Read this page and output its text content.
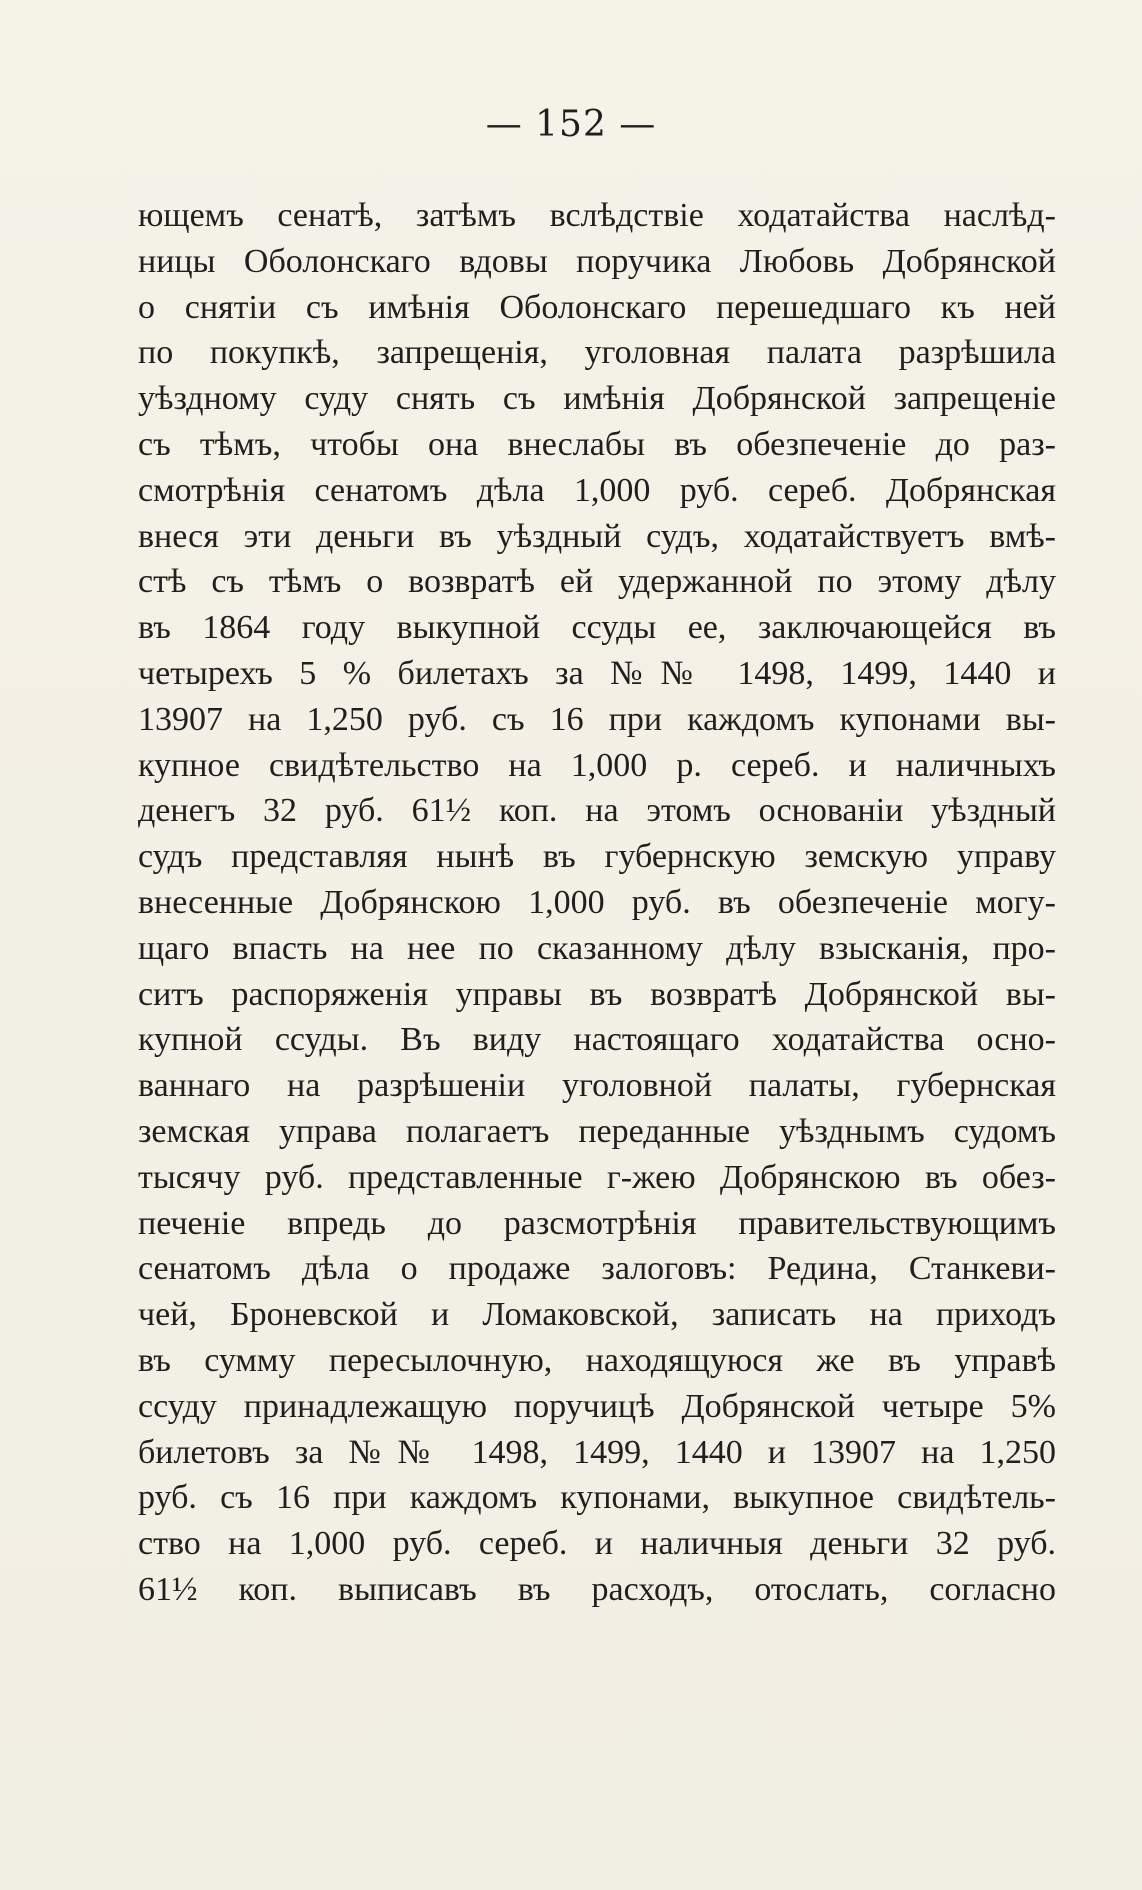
— 152 —
ющемъ сенатѣ, затѣмъ вслѣдствіе ходатайства наслѣд-
ницы Оболонскаго вдовы поручика Любовь Добрянской
о снятіи съ имѣнія Оболонскаго перешедшаго къ ней
по покупкѣ, запрещенія, уголовная палата разрѣшила
уѣздному суду снять съ имѣнія Добрянской запрещеніе
съ тѣмъ, чтобы она внеслабы въ обезпеченіе до раз-
смотрѣнія сенатомъ дѣла 1,000 руб. сереб. Добрянская
внеся эти деньги въ уѣздный судъ, ходатайствуетъ вмѣ-
стѣ съ тѣмъ о возвратѣ ей удержанной по этому дѣлу
въ 1864 году выкупной ссуды ее, заключающейся въ
четырехъ 5 % билетахъ за №№ 1498, 1499, 1440 и
13907 на 1,250 руб. съ 16 при каждомъ купонами вы-
купное свидѣтельство на 1,000 р. сереб. и наличныхъ
денегъ 32 руб. 61½ коп. на этомъ основаніи уѣздный
судъ представляя нынѣ въ губернскую земскую управу
внесенные Добрянскою 1,000 руб. въ обезпеченіе могу-
щаго впасть на нее по сказанному дѣлу взысканія, про-
ситъ распоряженія управы въ возвратѣ Добрянской вы-
купной ссуды. Въ виду настоящаго ходатайства осно-
ваннаго на разрѣшеніи уголовной палаты, губернская
земская управа полагаетъ переданные уѣзднымъ судомъ
тысячу руб. представленные г-жею Добрянскою въ обез-
печеніе впредь до разсмотрѣнія правительствующимъ
сенатомъ дѣла о продаже залоговъ: Редина, Станкеви-
чей, Броневской и Ломаковской, записать на приходъ
въ сумму пересылочную, находящуюся же въ управѣ
ссуду принадлежащую поручицѣ Добрянской четыре 5%
билетовъ за №№ 1498, 1499, 1440 и 13907 на 1,250
руб. съ 16 при каждомъ купонами, выкупное свидѣтель-
ство на 1,000 руб. сереб. и наличныя деньги 32 руб.
61½ коп. выписавъ въ расходъ, отослать, согласно
